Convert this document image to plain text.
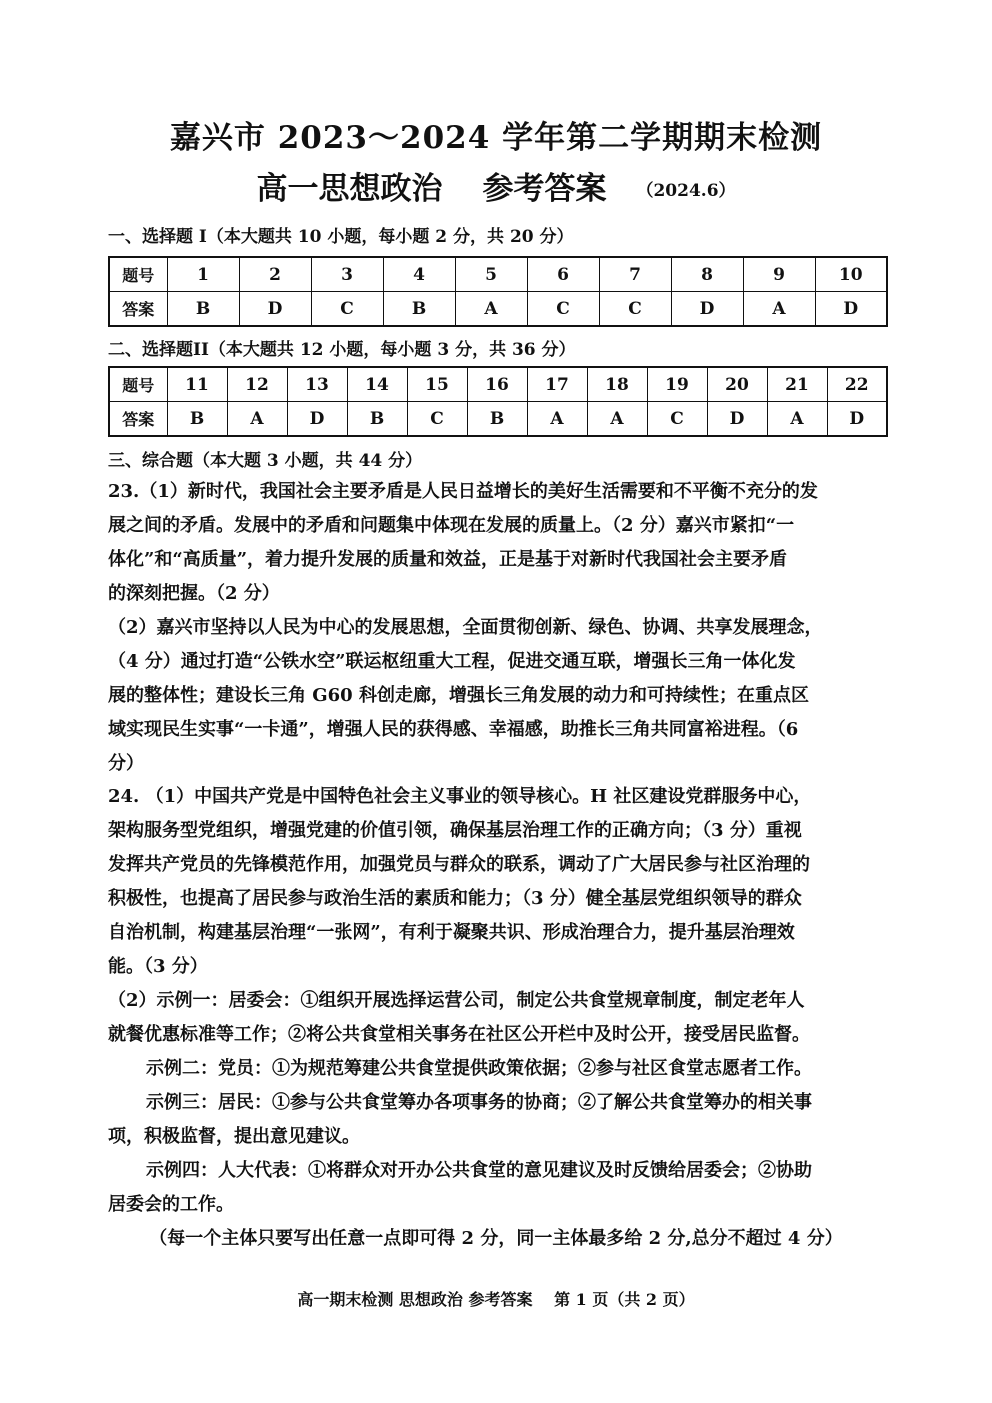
嘉兴市 2023～2024 学年第二学期期末检测
高一思想政治 参考答案 （2024.6）
一、选择题 I（本大题共 10 小题，每小题 2 分，共 20 分）
题号	1	2	3	4	5	6	7	8	9	10
答案	B	D	C	B	A	C	C	D	A	D
二、选择题II（本大题共 12 小题，每小题 3 分，共 36 分）
题号	11	12	13	14	15	16	17	18	19	20	21	22
答案	B	A	D	B	C	B	A	A	C	D	A	D
三、综合题（本大题 3 小题，共 44 分）
23.（1）新时代，我国社会主要矛盾是人民日益增长的美好生活需要和不平衡不充分的发
展之间的矛盾。发展中的矛盾和问题集中体现在发展的质量上。（2 分）嘉兴市紧扣“一
体化”和“高质量”，着力提升发展的质量和效益，正是基于对新时代我国社会主要矛盾
的深刻把握。（2 分）
（2）嘉兴市坚持以人民为中心的发展思想，全面贯彻创新、绿色、协调、共享发展理念，
（4 分）通过打造“公铁水空”联运枢纽重大工程，促进交通互联，增强长三角一体化发
展的整体性；建设长三角 G60 科创走廊，增强长三角发展的动力和可持续性；在重点区
域实现民生实事“一卡通”，增强人民的获得感、幸福感，助推长三角共同富裕进程。（6
分）
24. （1）中国共产党是中国特色社会主义事业的领导核心。H 社区建设党群服务中心，
架构服务型党组织，增强党建的价值引领，确保基层治理工作的正确方向；（3 分）重视
发挥共产党员的先锋模范作用，加强党员与群众的联系，调动了广大居民参与社区治理的
积极性，也提高了居民参与政治生活的素质和能力；（3 分）健全基层党组织领导的群众
自治机制，构建基层治理“一张网”，有利于凝聚共识、形成治理合力，提升基层治理效
能。（3 分）
（2）示例一：居委会：①组织开展选择运营公司，制定公共食堂规章制度，制定老年人
就餐优惠标准等工作；②将公共食堂相关事务在社区公开栏中及时公开，接受居民监督。
示例二：党员：①为规范筹建公共食堂提供政策依据；②参与社区食堂志愿者工作。
示例三：居民：①参与公共食堂筹办各项事务的协商；②了解公共食堂筹办的相关事
项，积极监督，提出意见建议。
示例四：人大代表：①将群众对开办公共食堂的意见建议及时反馈给居委会；②协助
居委会的工作。
（每一个主体只要写出任意一点即可得 2 分，同一主体最多给 2 分,总分不超过 4 分）
高一期末检测 思想政治 参考答案　 第 1 页（共 2 页）
